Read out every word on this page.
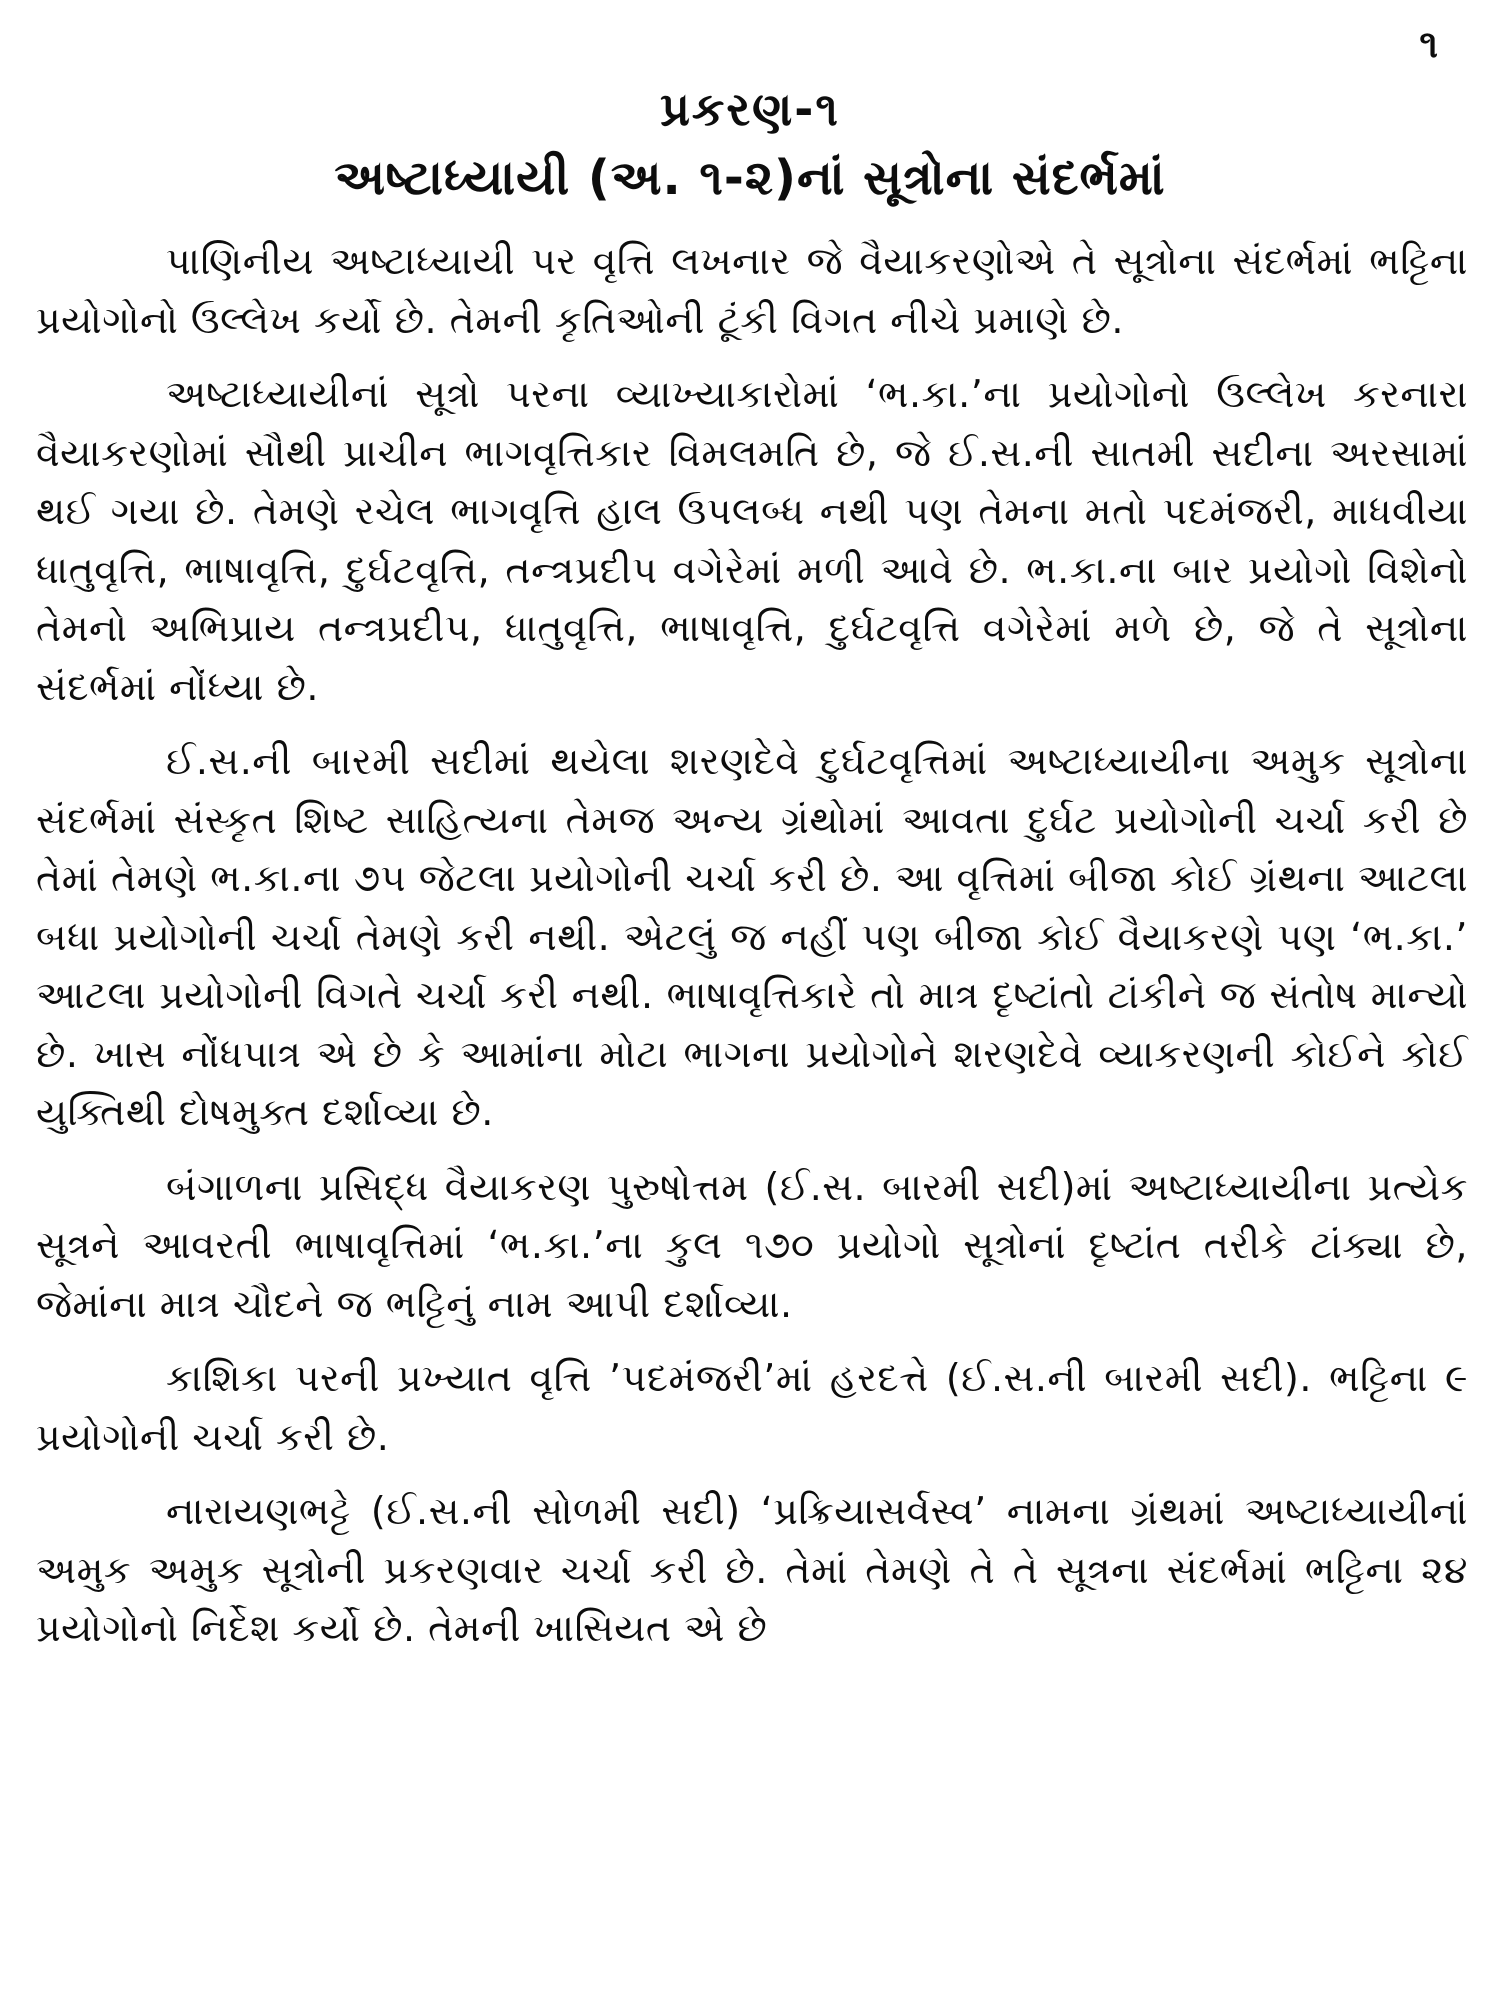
૧
પ્રકરણ-૧
અષ્ટાધ્યાયી (અ. ૧-૨)નાં સૂત્રોના સંદર્ભમાં

પાણિનીય અષ્ટાધ્યાયી પર વૃત્તિ લખનાર જે વૈયાકરણોએ તે સૂત્રોના સંદર્ભમાં ભટ્ટિના પ્રયોગોનો ઉલ્લેખ કર્યો છે. તેમની કૃતિઓની ટૂંકી વિગત નીચે પ્રમાણે છે.

અષ્ટાધ્યાયીનાં સૂત્રો પરના વ્યાખ્યાકારોમાં ‘ભ.કા.’ના પ્રયોગોનો ઉલ્લેખ કરનારા વૈયાકરણોમાં સૌથી પ્રાચીન ભાગવૃત્તિકાર વિમલમતિ છે, જે ઈ.સ.ની સાતમી સદીના અરસામાં થઈ ગયા છે. તેમણે રચેલ ભાગવૃત્તિ હાલ ઉપલબ્ધ નથી પણ તેમના મતો પદમંજરી, માધવીયા ધાતુવૃત્તિ, ભાષાવૃત્તિ, દુર્ઘટવૃત્તિ, તન્ત્રપ્રદીપ વગેરેમાં મળી આવે છે. ભ.કા.ના બાર પ્રયોગો વિશેનો તેમનો અભિપ્રાય તન્ત્રપ્રદીપ, ધાતુવૃત્તિ, ભાષાવૃત્તિ, દુર્ઘટવૃત્તિ વગેરેમાં મળે છે, જે તે સૂત્રોના સંદર્ભમાં નોંધ્યા છે.

ઈ.સ.ની બારમી સદીમાં થયેલા શરણદેવે દુર્ઘટવૃત્તિમાં અષ્ટાધ્યાયીના અમુક સૂત્રોના સંદર્ભમાં સંસ્કૃત શિષ્ટ સાહિત્યના તેમજ અન્ય ગ્રંથોમાં આવતા દુર્ઘટ પ્રયોગોની ચર્ચા કરી છે તેમાં તેમણે ભ.કા.ના ૭૫ જેટલા પ્રયોગોની ચર્ચા કરી છે. આ વૃત્તિમાં બીજા કોઈ ગ્રંથના આટલા બધા પ્રયોગોની ચર્ચા તેમણે કરી નથી. એટલું જ નહીં પણ બીજા કોઈ વૈયાકરણે પણ ‘ભ.કા.’ આટલા પ્રયોગોની વિગતે ચર્ચા કરી નથી. ભાષાવૃત્તિકારે તો માત્ર દૃષ્ટાંતો ટાંકીને જ સંતોષ માન્યો છે. ખાસ નોંધપાત્ર એ છે કે આમાંના મોટા ભાગના પ્રયોગોને શરણદેવે વ્યાકરણની કોઈને કોઈ યુક્તિથી દોષમુક્ત દર્શાવ્યા છે.

બંગાળના પ્રસિદ્ધ વૈયાકરણ પુરુષોત્તમ (ઈ.સ. બારમી સદી)માં અષ્ટાધ્યાયીના પ્રત્યેક સૂત્રને આવરતી ભાષાવૃત્તિમાં ‘ભ.કા.’ના કુલ ૧૭૦ પ્રયોગો સૂત્રોનાં દૃષ્ટાંત તરીકે ટાંક્યા છે, જેમાંના માત્ર ચૌદને જ ભટ્ટિનું નામ આપી દર્શાવ્યા.

કાશિકા પરની પ્રખ્યાત વૃત્તિ ’પદમંજરી’માં હરદત્તે (ઈ.સ.ની બારમી સદી). ભટ્ટિના ૯ પ્રયોગોની ચર્ચા કરી છે.

નારાયણભટ્ટે (ઈ.સ.ની સોળમી સદી) ‘પ્રક્રિયાસર્વસ્વ’ નામના ગ્રંથમાં અષ્ટાધ્યાયીનાં અમુક અમુક સૂત્રોની પ્રકરણવાર ચર્ચા કરી છે. તેમાં તેમણે તે તે સૂત્રના સંદર્ભમાં ભટ્ટિના ૨૪ પ્રયોગોનો નિર્દેશ કર્યો છે. તેમની ખાસિયત એ છે
